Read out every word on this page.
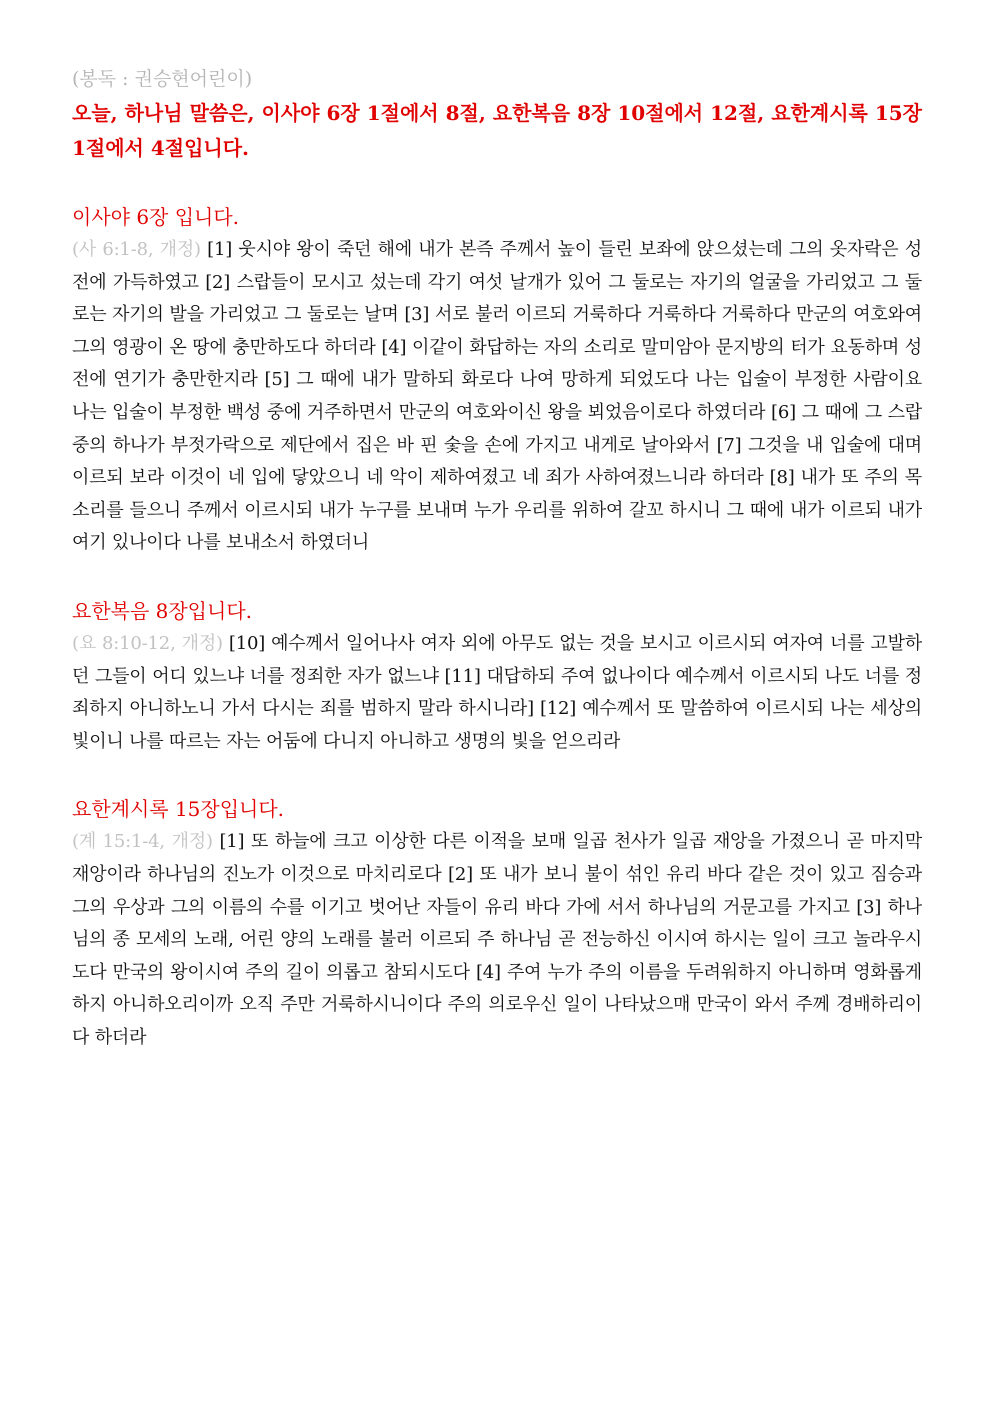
(봉독 : 권승현어린이)

오늘, 하나님 말씀은, 이사야 6장 1절에서 8절, 요한복음 8장 10절에서 12절, 요한계시록 15장 1절에서 4절입니다.

이사야 6장 입니다.

(사 6:1-8, 개정) [1] 웃시야 왕이 죽던 해에 내가 본즉 주께서 높이 들린 보좌에 앉으셨는데 그의 옷자락은 성전에 가득하였고 [2] 스랍들이 모시고 섰는데 각기 여섯 날개가 있어 그 둘로는 자기의 얼굴을 가리었고 그 둘로는 자기의 발을 가리었고 그 둘로는 날며 [3] 서로 불러 이르되 거룩하다 거룩하다 거룩하다 만군의 여호와여 그의 영광이 온 땅에 충만하도다 하더라 [4] 이같이 화답하는 자의 소리로 말미암아 문지방의 터가 요동하며 성전에 연기가 충만한지라 [5] 그 때에 내가 말하되 화로다 나여 망하게 되었도다 나는 입술이 부정한 사람이요 나는 입술이 부정한 백성 중에 거주하면서 만군의 여호와이신 왕을 뵈었음이로다 하였더라 [6] 그 때에 그 스랍 중의 하나가 부젓가락으로 제단에서 집은 바 핀 숯을 손에 가지고 내게로 날아와서 [7] 그것을 내 입술에 대며 이르되 보라 이것이 네 입에 닿았으니 네 악이 제하여졌고 네 죄가 사하여졌느니라 하더라 [8] 내가 또 주의 목소리를 들으니 주께서 이르시되 내가 누구를 보내며 누가 우리를 위하여 갈꼬 하시니 그 때에 내가 이르되 내가 여기 있나이다 나를 보내소서 하였더니

요한복음 8장입니다.

(요 8:10-12, 개정) [10] 예수께서 일어나사 여자 외에 아무도 없는 것을 보시고 이르시되 여자여 너를 고발하던 그들이 어디 있느냐 너를 정죄한 자가 없느냐 [11] 대답하되 주여 없나이다 예수께서 이르시되 나도 너를 정죄하지 아니하노니 가서 다시는 죄를 범하지 말라 하시니라] [12] 예수께서 또 말씀하여 이르시되 나는 세상의 빛이니 나를 따르는 자는 어둠에 다니지 아니하고 생명의 빛을 얻으리라

요한계시록 15장입니다.

(계 15:1-4, 개정) [1] 또 하늘에 크고 이상한 다른 이적을 보매 일곱 천사가 일곱 재앙을 가졌으니 곧 마지막 재앙이라 하나님의 진노가 이것으로 마치리로다 [2] 또 내가 보니 불이 섞인 유리 바다 같은 것이 있고 짐승과 그의 우상과 그의 이름의 수를 이기고 벗어난 자들이 유리 바다 가에 서서 하나님의 거문고를 가지고 [3] 하나님의 종 모세의 노래, 어린 양의 노래를 불러 이르되 주 하나님 곧 전능하신 이시여 하시는 일이 크고 놀라우시도다 만국의 왕이시여 주의 길이 의롭고 참되시도다 [4] 주여 누가 주의 이름을 두려워하지 아니하며 영화롭게 하지 아니하오리이까 오직 주만 거룩하시니이다 주의 의로우신 일이 나타났으매 만국이 와서 주께 경배하리이다 하더라
